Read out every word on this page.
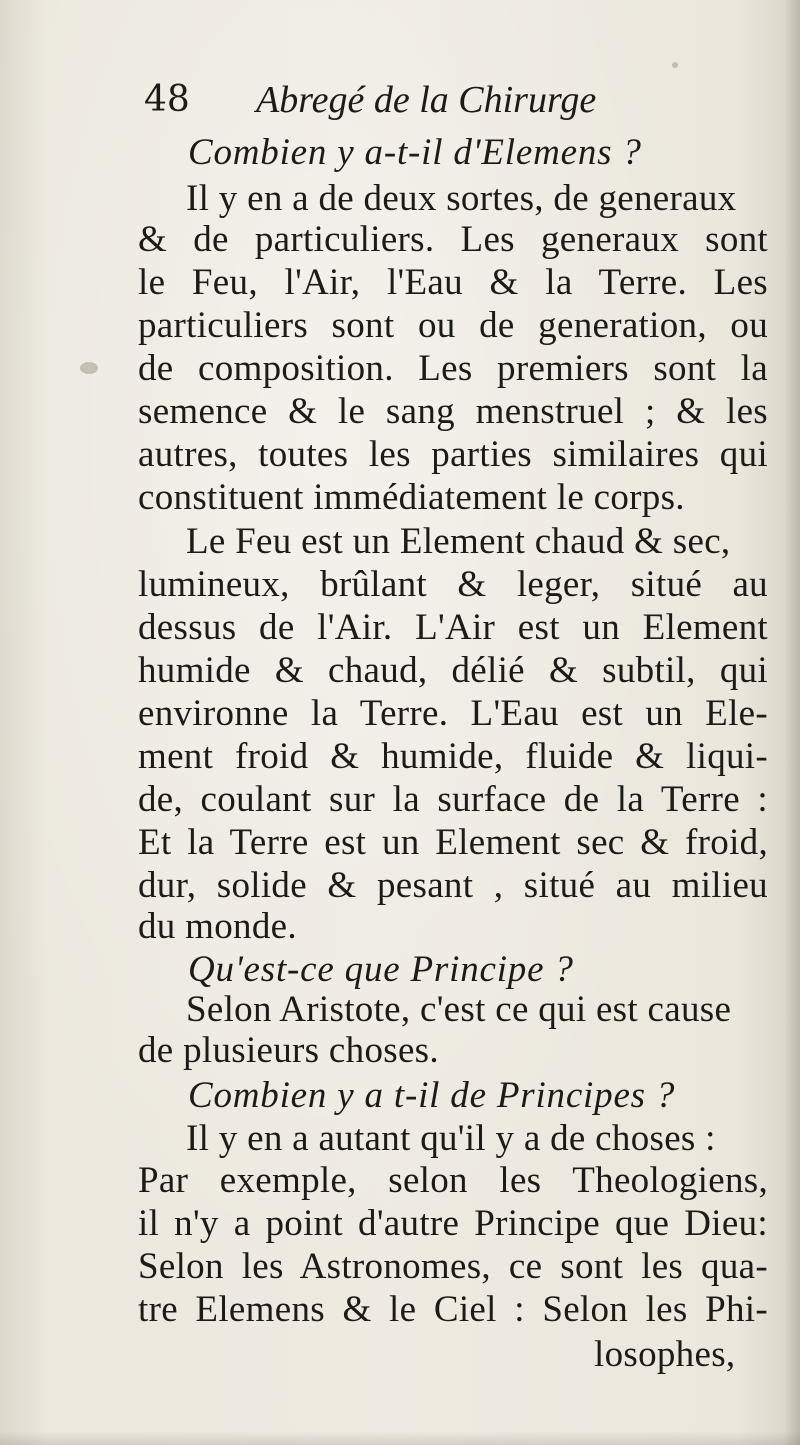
48 Abregé de la Chirurge
Combien y a-t-il d'Elemens ?
Il y en a de deux sortes, de generaux
& de particuliers. Les generaux sont
le Feu, l'Air, l'Eau & la Terre. Les
particuliers sont ou de generation, ou
de composition. Les premiers sont la
semence & le sang menstruel ; & les
autres, toutes les parties similaires qui
constituent immédiatement le corps.
Le Feu est un Element chaud & sec,
lumineux, brûlant & leger, situé au
dessus de l'Air. L'Air est un Element
humide & chaud, délié & subtil, qui
environne la Terre. L'Eau est un Ele-
ment froid & humide, fluide & liqui-
de, coulant sur la surface de la Terre :
Et la Terre est un Element sec & froid,
dur, solide & pesant , situé au milieu
du monde.
Qu'est-ce que Principe ?
Selon Aristote, c'est ce qui est cause
de plusieurs choses.
Combien y a t-il de Principes ?
Il y en a autant qu'il y a de choses :
Par exemple, selon les Theologiens,
il n'y a point d'autre Principe que Dieu:
Selon les Astronomes, ce sont les qua-
tre Elemens & le Ciel : Selon les Phi-
losophes,
